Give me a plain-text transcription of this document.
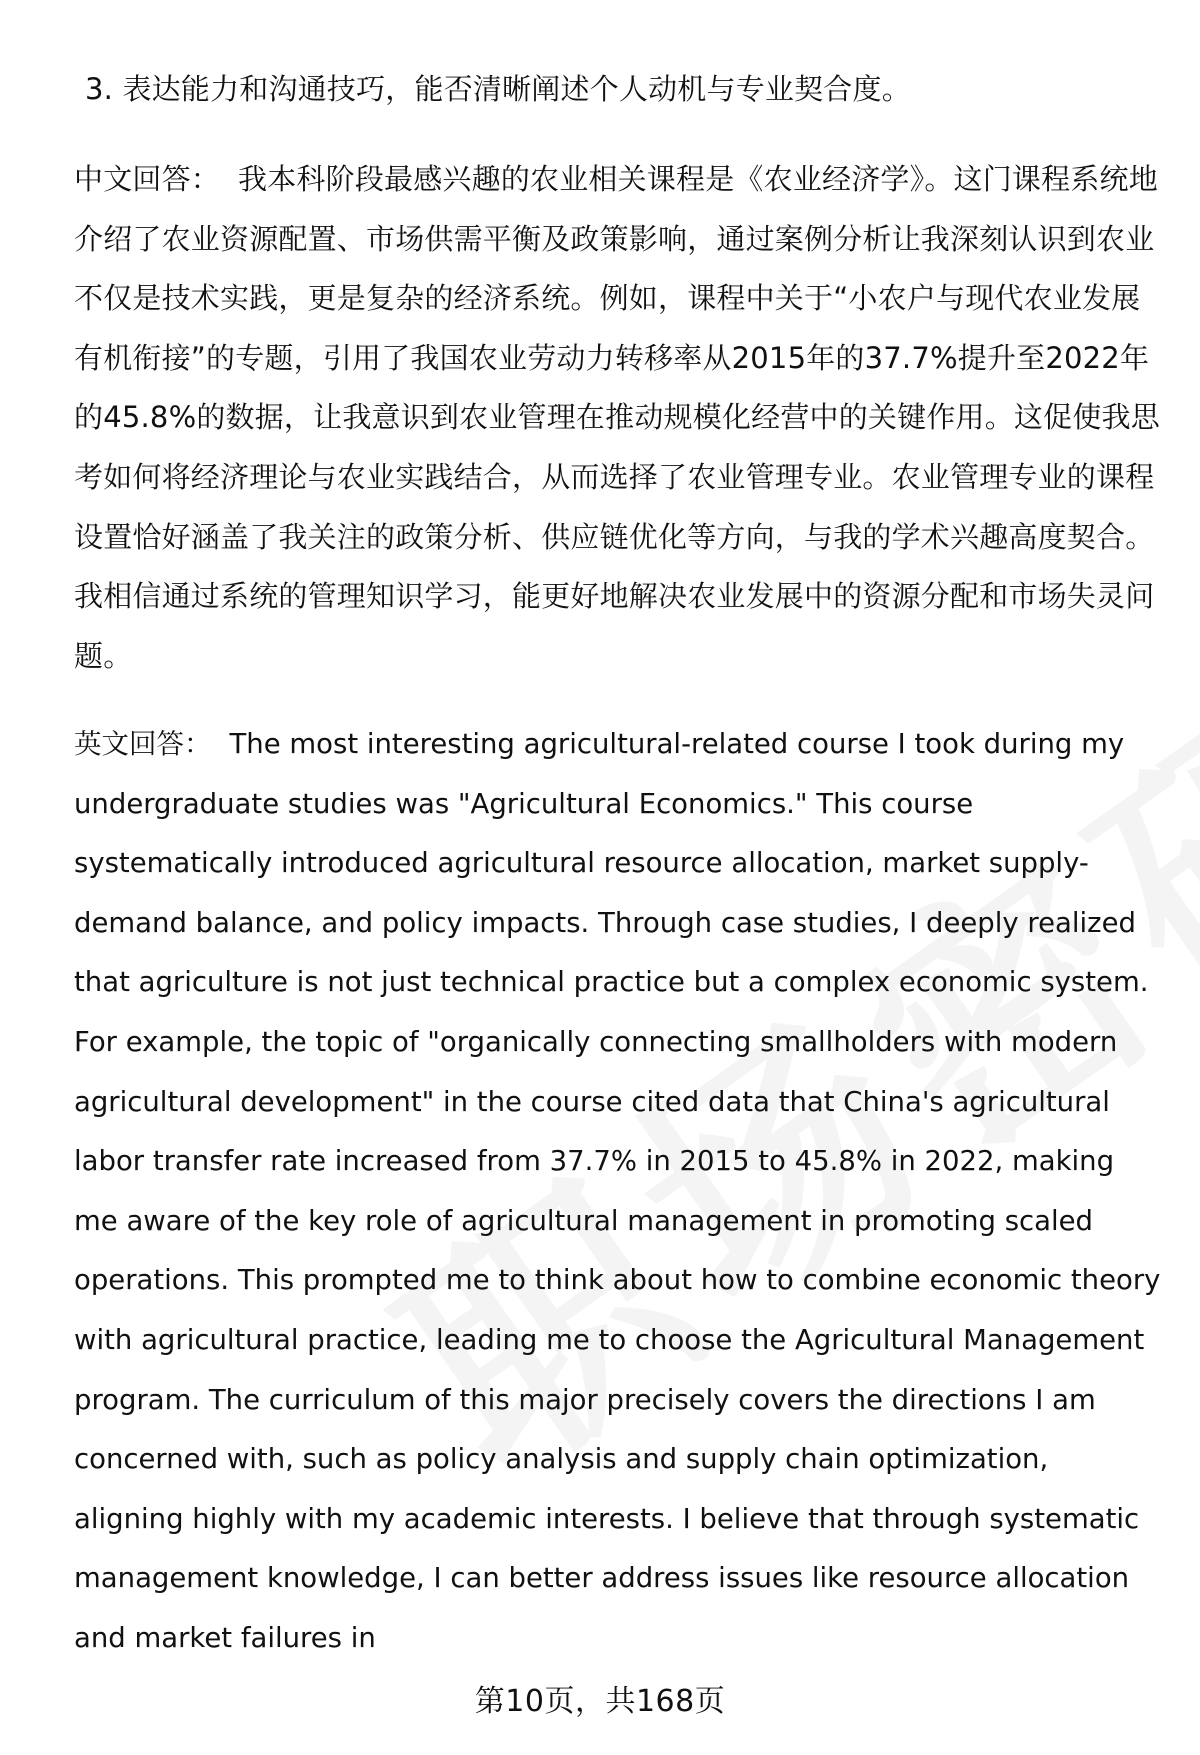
3. 表达能力和沟通技巧，能否清晰阐述个人动机与专业契合度。

中文回答： 我本科阶段最感兴趣的农业相关课程是《农业经济学》。这门课程系统地介绍了农业资源配置、市场供需平衡及政策影响，通过案例分析让我深刻认识到农业不仅是技术实践，更是复杂的经济系统。例如，课程中关于“小农户与现代农业发展有机衔接”的专题，引用了我国农业劳动力转移率从2015年的37.7%提升至2022年的45.8%的数据，让我意识到农业管理在推动规模化经营中的关键作用。这促使我思考如何将经济理论与农业实践结合，从而选择了农业管理专业。农业管理专业的课程设置恰好涵盖了我关注的政策分析、供应链优化等方向，与我的学术兴趣高度契合。我相信通过系统的管理知识学习，能更好地解决农业发展中的资源分配和市场失灵问题。

英文回答： The most interesting agricultural-related course I took during my undergraduate studies was "Agricultural Economics." This course systematically introduced agricultural resource allocation, market supply-demand balance, and policy impacts. Through case studies, I deeply realized that agriculture is not just technical practice but a complex economic system. For example, the topic of "organically connecting smallholders with modern agricultural development" in the course cited data that China's agricultural labor transfer rate increased from 37.7% in 2015 to 45.8% in 2022, making me aware of the key role of agricultural management in promoting scaled operations. This prompted me to think about how to combine economic theory with agricultural practice, leading me to choose the Agricultural Management program. The curriculum of this major precisely covers the directions I am concerned with, such as policy analysis and supply chain optimization, aligning highly with my academic interests. I believe that through systematic management knowledge, I can better address issues like resource allocation and market failures in

第10页，共168页
